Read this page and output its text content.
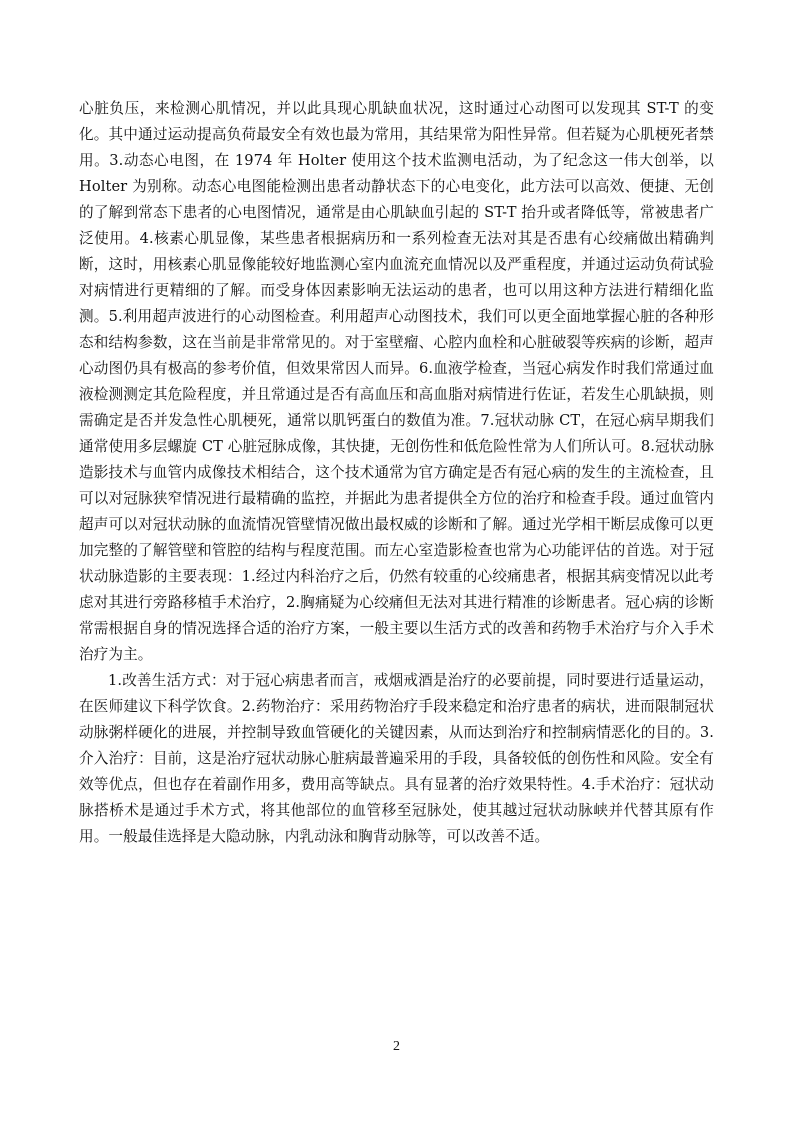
心脏负压，来检测心肌情况，并以此具现心肌缺血状况，这时通过心动图可以发现其 ST-T 的变化。其中通过运动提高负荷最安全有效也最为常用，其结果常为阳性异常。但若疑为心肌梗死者禁用。3.动态心电图，在 1974 年 Holter 使用这个技术监测电活动，为了纪念这一伟大创举，以 Holter 为别称。动态心电图能检测出患者动静状态下的心电变化，此方法可以高效、便捷、无创的了解到常态下患者的心电图情况，通常是由心肌缺血引起的 ST-T 抬升或者降低等，常被患者广泛使用。4.核素心肌显像，某些患者根据病历和一系列检查无法对其是否患有心绞痛做出精确判断，这时，用核素心肌显像能较好地监测心室内血流充血情况以及严重程度，并通过运动负荷试验对病情进行更精细的了解。而受身体因素影响无法运动的患者，也可以用这种方法进行精细化监测。5.利用超声波进行的心动图检查。利用超声心动图技术，我们可以更全面地掌握心脏的各种形态和结构参数，这在当前是非常常见的。对于室壁瘤、心腔内血栓和心脏破裂等疾病的诊断，超声心动图仍具有极高的参考价值，但效果常因人而异。6.血液学检查，当冠心病发作时我们常通过血液检测测定其危险程度，并且常通过是否有高血压和高血脂对病情进行佐证，若发生心肌缺损，则需确定是否并发急性心肌梗死，通常以肌钙蛋白的数值为准。7.冠状动脉 CT，在冠心病早期我们通常使用多层螺旋 CT 心脏冠脉成像，其快捷，无创伤性和低危险性常为人们所认可。8.冠状动脉造影技术与血管内成像技术相结合，这个技术通常为官方确定是否有冠心病的发生的主流检查，且可以对冠脉狭窄情况进行最精确的监控，并据此为患者提供全方位的治疗和检查手段。通过血管内超声可以对冠状动脉的血流情况管壁情况做出最权威的诊断和了解。通过光学相干断层成像可以更加完整的了解管壁和管腔的结构与程度范围。而左心室造影检查也常为心功能评估的首选。对于冠状动脉造影的主要表现：1.经过内科治疗之后，仍然有较重的心绞痛患者，根据其病变情况以此考虑对其进行旁路移植手术治疗，2.胸痛疑为心绞痛但无法对其进行精准的诊断患者。冠心病的诊断常需根据自身的情况选择合适的治疗方案，一般主要以生活方式的改善和药物手术治疗与介入手术治疗为主。

1.改善生活方式：对于冠心病患者而言，戒烟戒酒是治疗的必要前提，同时要进行适量运动，在医师建议下科学饮食。2.药物治疗：采用药物治疗手段来稳定和治疗患者的病状，进而限制冠状动脉粥样硬化的进展，并控制导致血管硬化的关键因素，从而达到治疗和控制病情恶化的目的。3.介入治疗：目前，这是治疗冠状动脉心脏病最普遍采用的手段，具备较低的创伤性和风险。安全有效等优点，但也存在着副作用多，费用高等缺点。具有显著的治疗效果特性。4.手术治疗：冠状动脉搭桥术是通过手术方式，将其他部位的血管移至冠脉处，使其越过冠状动脉峡并代替其原有作用。一般最佳选择是大隐动脉，内乳动泳和胸背动脉等，可以改善不适。

2
